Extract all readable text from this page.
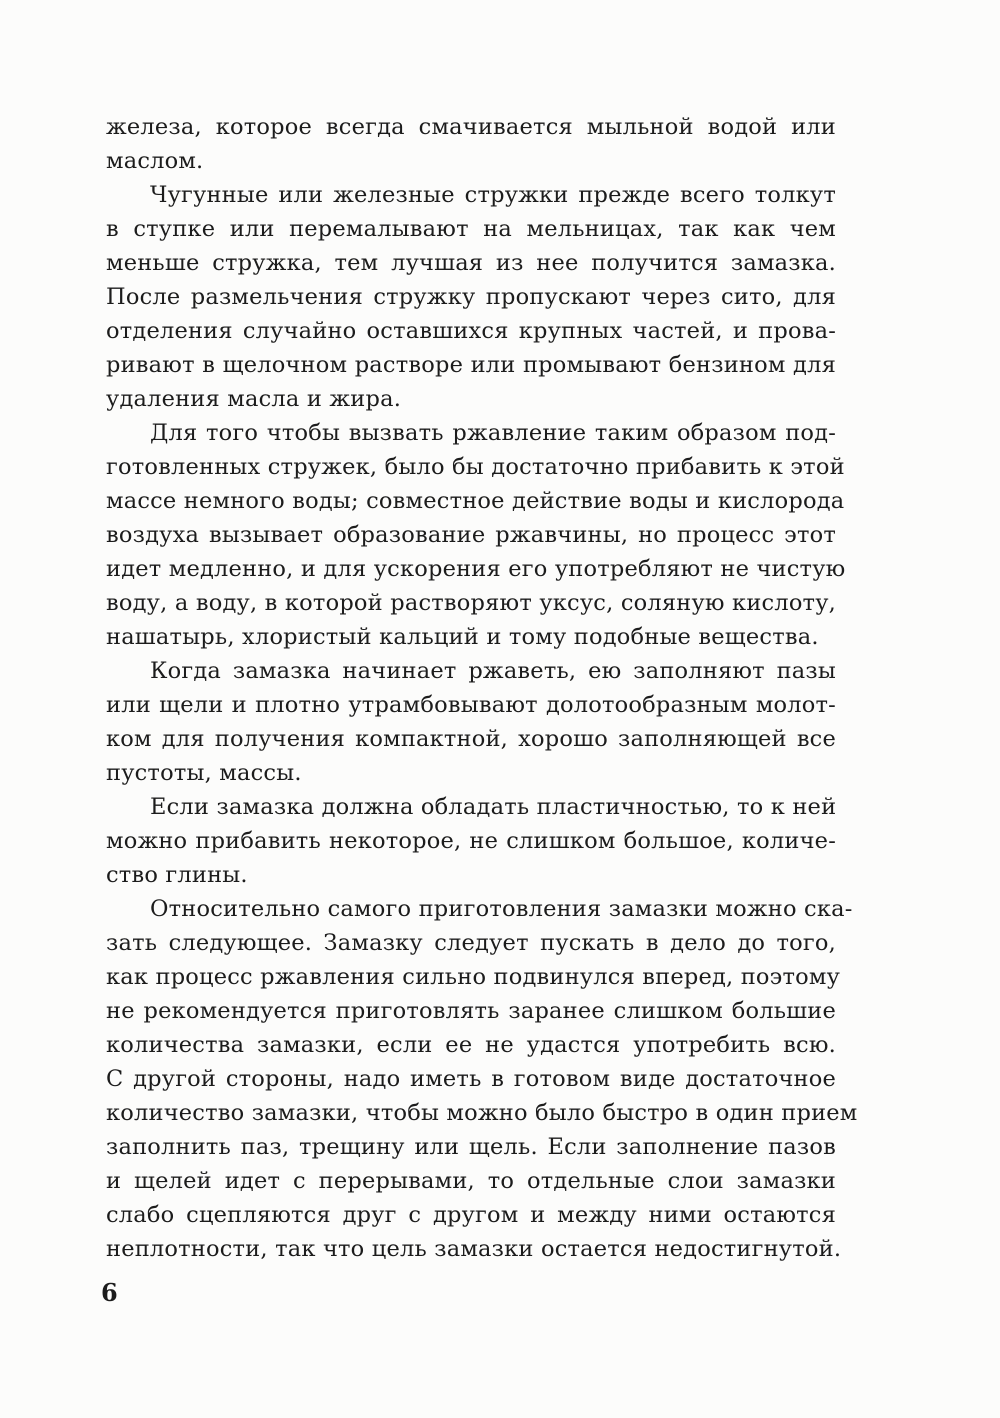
железа, которое всегда смачивается мыльной водой или
маслом.
Чугунные или железные стружки прежде всего толкут
в ступке или перемалывают на мельницах, так как чем
меньше стружка, тем лучшая из нее получится замазка.
После размельчения стружку пропускают через сито, для
отделения случайно оставшихся крупных частей, и прова-
ривают в щелочном растворе или промывают бензином для
удаления масла и жира.
Для того чтобы вызвать ржавление таким образом под-
готовленных стружек, было бы достаточно прибавить к этой
массе немного воды; совместное действие воды и кислорода
воздуха вызывает образование ржавчины, но процесс этот
идет медленно, и для ускорения его употребляют не чистую
воду, а воду, в которой растворяют уксус, соляную кислоту,
нашатырь, хлористый кальций и тому подобные вещества.
Когда замазка начинает ржаветь, ею заполняют пазы
или щели и плотно утрамбовывают долотообразным молот-
ком для получения компактной, хорошо заполняющей все
пустоты, массы.
Если замазка должна обладать пластичностью, то к ней
можно прибавить некоторое, не слишком большое, количе-
ство глины.
Относительно самого приготовления замазки можно ска-
зать следующее. Замазку следует пускать в дело до того,
как процесс ржавления сильно подвинулся вперед, поэтому
не рекомендуется приготовлять заранее слишком большие
количества замазки, если ее не удастся употребить всю.
С другой стороны, надо иметь в готовом виде достаточное
количество замазки, чтобы можно было быстро в один прием
заполнить паз, трещину или щель. Если заполнение пазов
и щелей идет с перерывами, то отдельные слои замазки
слабо сцепляются друг с другом и между ними остаются
неплотности, так что цель замазки остается недостигнутой.
6
